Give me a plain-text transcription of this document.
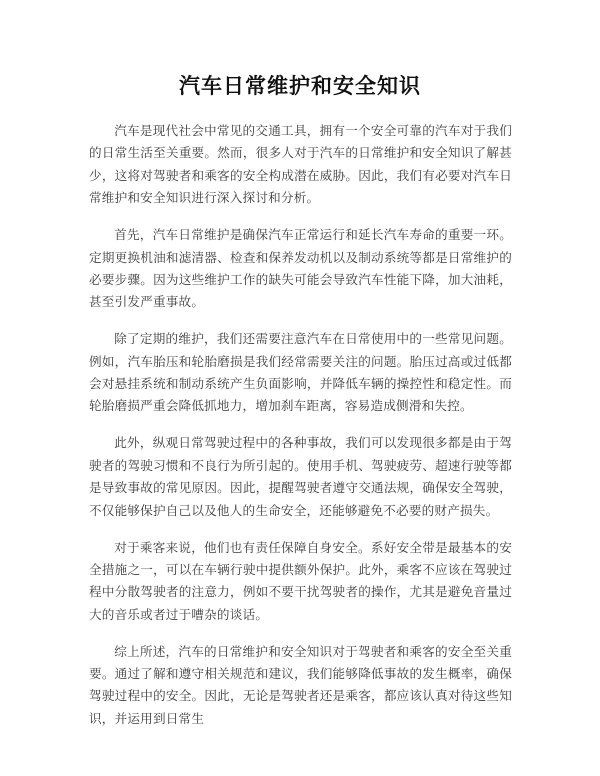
汽车日常维护和安全知识

汽车是现代社会中常见的交通工具，拥有一个安全可靠的汽车对于我们的日常生活至关重要。然而，很多人对于汽车的日常维护和安全知识了解甚少，这将对驾驶者和乘客的安全构成潜在威胁。因此，我们有必要对汽车日常维护和安全知识进行深入探讨和分析。

首先，汽车日常维护是确保汽车正常运行和延长汽车寿命的重要一环。定期更换机油和滤清器、检查和保养发动机以及制动系统等都是日常维护的必要步骤。因为这些维护工作的缺失可能会导致汽车性能下降，加大油耗，甚至引发严重事故。

除了定期的维护，我们还需要注意汽车在日常使用中的一些常见问题。例如，汽车胎压和轮胎磨损是我们经常需要关注的问题。胎压过高或过低都会对悬挂系统和制动系统产生负面影响，并降低车辆的操控性和稳定性。而轮胎磨损严重会降低抓地力，增加刹车距离，容易造成侧滑和失控。

此外，纵观日常驾驶过程中的各种事故，我们可以发现很多都是由于驾驶者的驾驶习惯和不良行为所引起的。使用手机、驾驶疲劳、超速行驶等都是导致事故的常见原因。因此，提醒驾驶者遵守交通法规，确保安全驾驶，不仅能够保护自己以及他人的生命安全，还能够避免不必要的财产损失。

对于乘客来说，他们也有责任保障自身安全。系好安全带是最基本的安全措施之一，可以在车辆行驶中提供额外保护。此外，乘客不应该在驾驶过程中分散驾驶者的注意力，例如不要干扰驾驶者的操作，尤其是避免音量过大的音乐或者过于嘈杂的谈话。

综上所述，汽车的日常维护和安全知识对于驾驶者和乘客的安全至关重要。通过了解和遵守相关规范和建议，我们能够降低事故的发生概率，确保驾驶过程中的安全。因此，无论是驾驶者还是乘客，都应该认真对待这些知识，并运用到日常生
